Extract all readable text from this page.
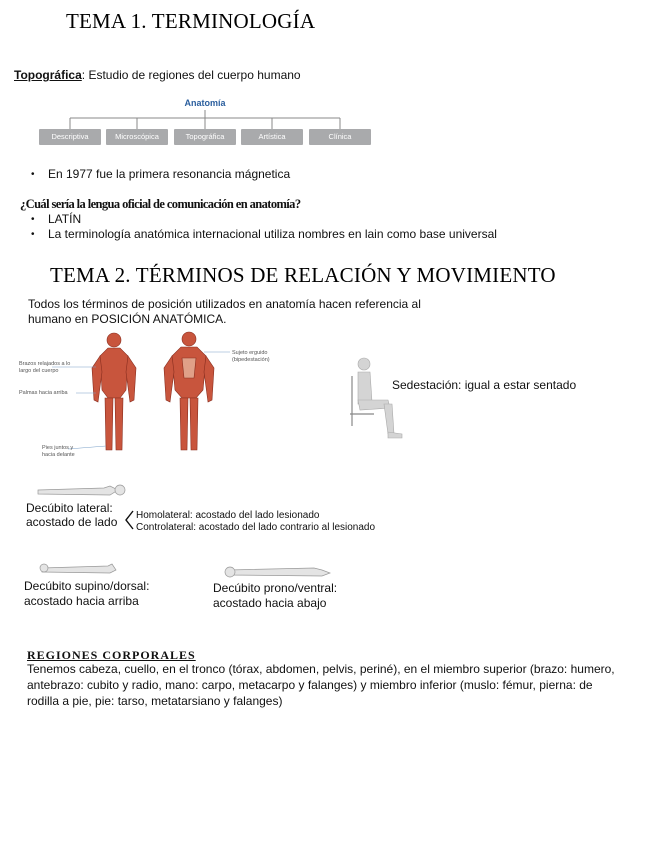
TEMA 1. TERMINOLOGÍA
Topográfica: Estudio de regiones del cuerpo humano
Anatomía
Descriptiva	Microscópica	Topográfica	Artística	Clínica
• En 1977 fue la primera resonancia mágnetica
¿Cuál sería la lengua oficial de comunicación en anatomía?
• LATÍN
• La terminología anatómica internacional utiliza nombres en lain como base universal
TEMA 2. TÉRMINOS DE RELACIÓN Y MOVIMIENTO
Todos los términos de posición utilizados en anatomía hacen referencia al
humano en POSICIÓN ANATÓMICA.
Brazos relajados a lo largo del cuerpo
Palmas hacia arriba
Pies juntos y hacia delante
Sujeto erguido (bipedestación)
Sedestación: igual a estar sentado
Decúbito lateral:
acostado de lado Homolateral: acostado del lado lesionado
Controlateral: acostado del lado contrario al lesionado
Decúbito supino/dorsal:
acostado hacia arriba
Decúbito prono/ventral:
acostado hacia abajo
REGIONES CORPORALES
Tenemos cabeza, cuello, en el tronco (tórax, abdomen, pelvis, periné), en el miembro superior (brazo: humero, antebrazo: cubito y radio, mano: carpo, metacarpo y falanges) y miembro inferior (muslo: fémur, pierna: de rodilla a pie, pie: tarso, metatarsiano y falanges)
